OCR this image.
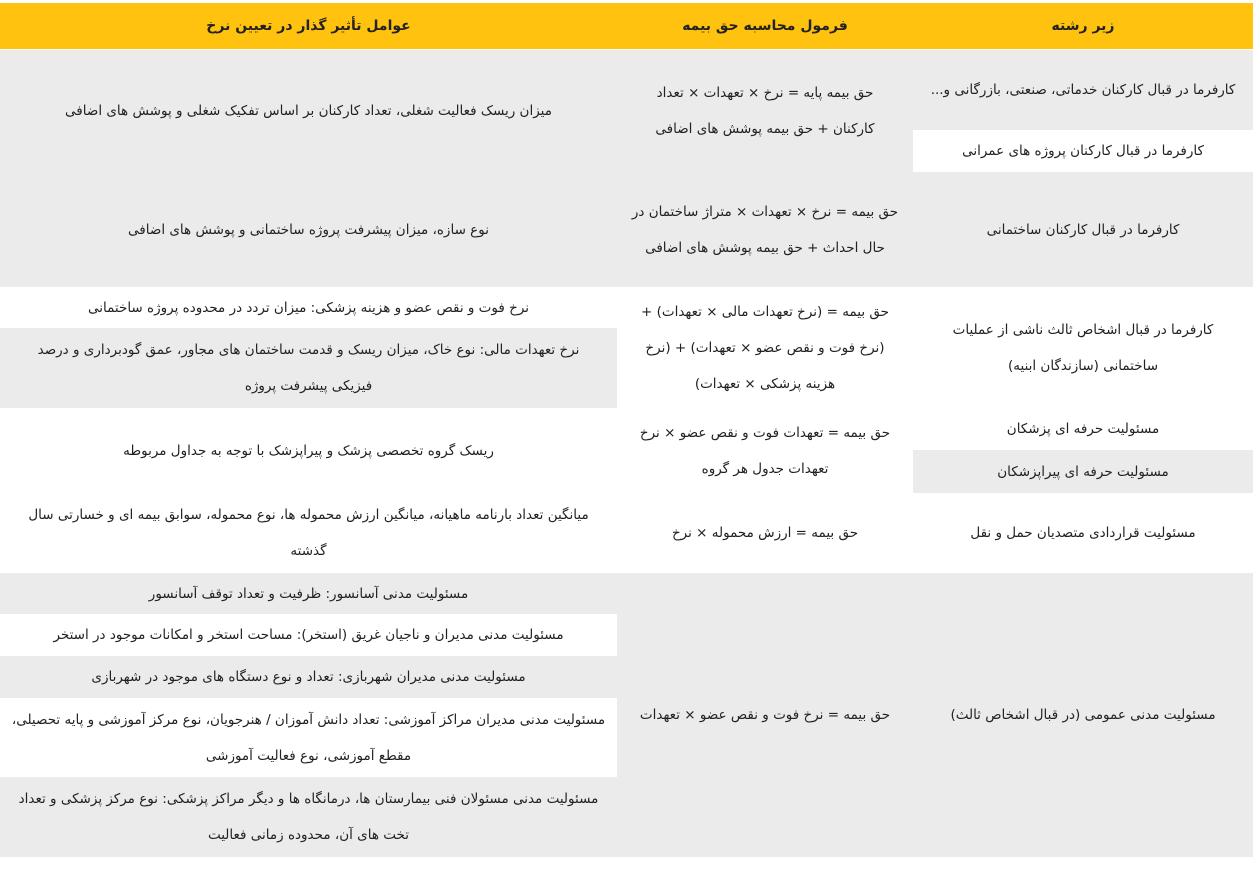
زیر رشته
فرمول محاسبه حق بیمه
عوامل تأثیر گذار در تعیین نرخ
کارفرما در قبال کارکنان خدماتی، صنعتی، بازرگانی و...
کارفرما در قبال کارکنان پروژه های عمرانی
کارفرما در قبال کارکنان ساختمانی
کارفرما در قبال اشخاص ثالث ناشی از عملیات ساختمانی (سازندگان ابنیه)
مسئولیت حرفه ای پزشکان
مسئولیت حرفه ای پیراپزشکان
مسئولیت قراردادی متصدیان حمل و نقل
مسئولیت مدنی عمومی (در قبال اشخاص ثالث)
حق بیمه پایه = نرخ × تعهدات × تعداد کارکنان + حق بیمه پوشش های اضافی
حق بیمه = نرخ × تعهدات × متراژ ساختمان در حال احداث + حق بیمه پوشش های اضافی
حق بیمه = (نرخ تعهدات مالی × تعهدات) + (نرخ فوت و نقص عضو × تعهدات) + (نرخ هزینه پزشکی × تعهدات)
حق بیمه = تعهدات فوت و نقص عضو × نرخ تعهدات جدول هر گروه
حق بیمه = ارزش محموله × نرخ
حق بیمه = نرخ فوت و نقص عضو × تعهدات
میزان ریسک فعالیت شغلی، تعداد کارکنان بر اساس تفکیک شغلی و پوشش های اضافی
نوع سازه، میزان پیشرفت پروژه ساختمانی و پوشش های اضافی
نرخ فوت و نقص عضو و هزینه پزشکی: میزان تردد در محدوده پروژه ساختمانی
نرخ تعهدات مالی: نوع خاک، میزان ریسک و قدمت ساختمان های مجاور، عمق گودبرداری و درصد فیزیکی پیشرفت پروژه
ریسک گروه تخصصی پزشک و پیراپزشک با توجه به جداول مربوطه
میانگین تعداد بارنامه ماهیانه، میانگین ارزش محموله ها، نوع محموله، سوابق بیمه ای و خسارتی سال گذشته
مسئولیت مدنی آسانسور: ظرفیت و تعداد توقف آسانسور
مسئولیت مدنی مدیران و ناجیان غریق (استخر): مساحت استخر و امکانات موجود در استخر
مسئولیت مدنی مدیران شهربازی: تعداد و نوع دستگاه های موجود در شهربازی
مسئولیت مدنی مدیران مراکز آموزشی: تعداد دانش آموزان / هنرجویان، نوع مرکز آموزشی و پایه تحصیلی، مقطع آموزشی، نوع فعالیت آموزشی
مسئولیت مدنی مسئولان فنی بیمارستان ها، درمانگاه ها و دیگر مراکز پزشکی: نوع مرکز پزشکی و تعداد تخت های آن، محدوده زمانی فعالیت
